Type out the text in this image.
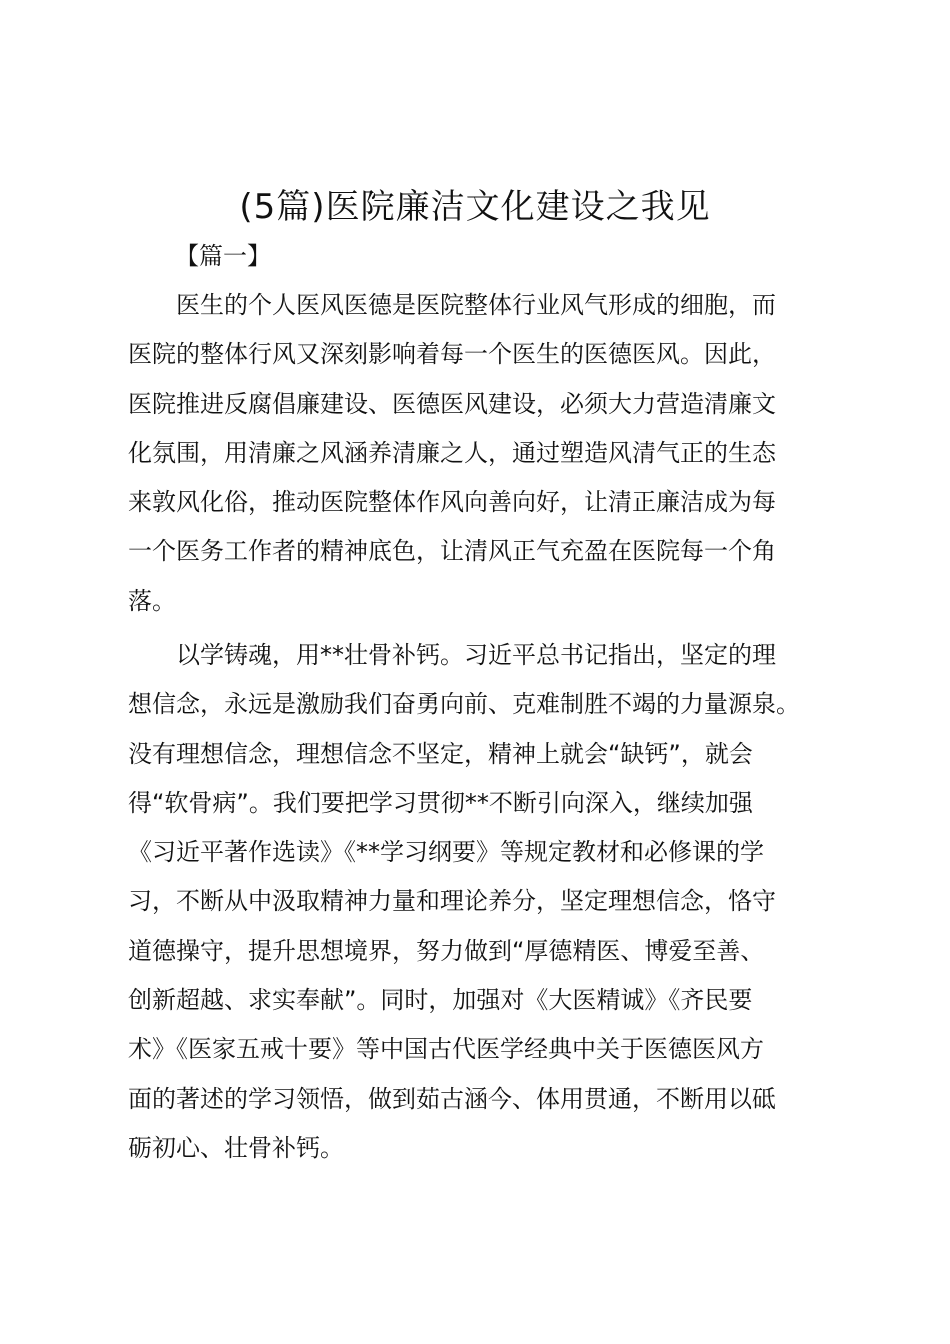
(5篇)医院廉洁文化建设之我见
【篇一】

医生的个人医风医德是医院整体行业风气形成的细胞，而
医院的整体行风又深刻影响着每一个医生的医德医风。因此，
医院推进反腐倡廉建设、医德医风建设，必须大力营造清廉文
化氛围，用清廉之风涵养清廉之人，通过塑造风清气正的生态
来敦风化俗，推动医院整体作风向善向好，让清正廉洁成为每
一个医务工作者的精神底色，让清风正气充盈在医院每一个角
落。

以学铸魂，用**壮骨补钙。习近平总书记指出，坚定的理
想信念，永远是激励我们奋勇向前、克难制胜不竭的力量源泉。
没有理想信念，理想信念不坚定，精神上就会“缺钙”，就会
得“软骨病”。我们要把学习贯彻**不断引向深入，继续加强
《习近平著作选读》《**学习纲要》等规定教材和必修课的学
习，不断从中汲取精神力量和理论养分，坚定理想信念，恪守
道德操守，提升思想境界，努力做到“厚德精医、博爱至善、
创新超越、求实奉献”。同时，加强对《大医精诚》《齐民要
术》《医家五戒十要》等中国古代医学经典中关于医德医风方
面的著述的学习领悟，做到茹古涵今、体用贯通，不断用以砥
砺初心、壮骨补钙。
